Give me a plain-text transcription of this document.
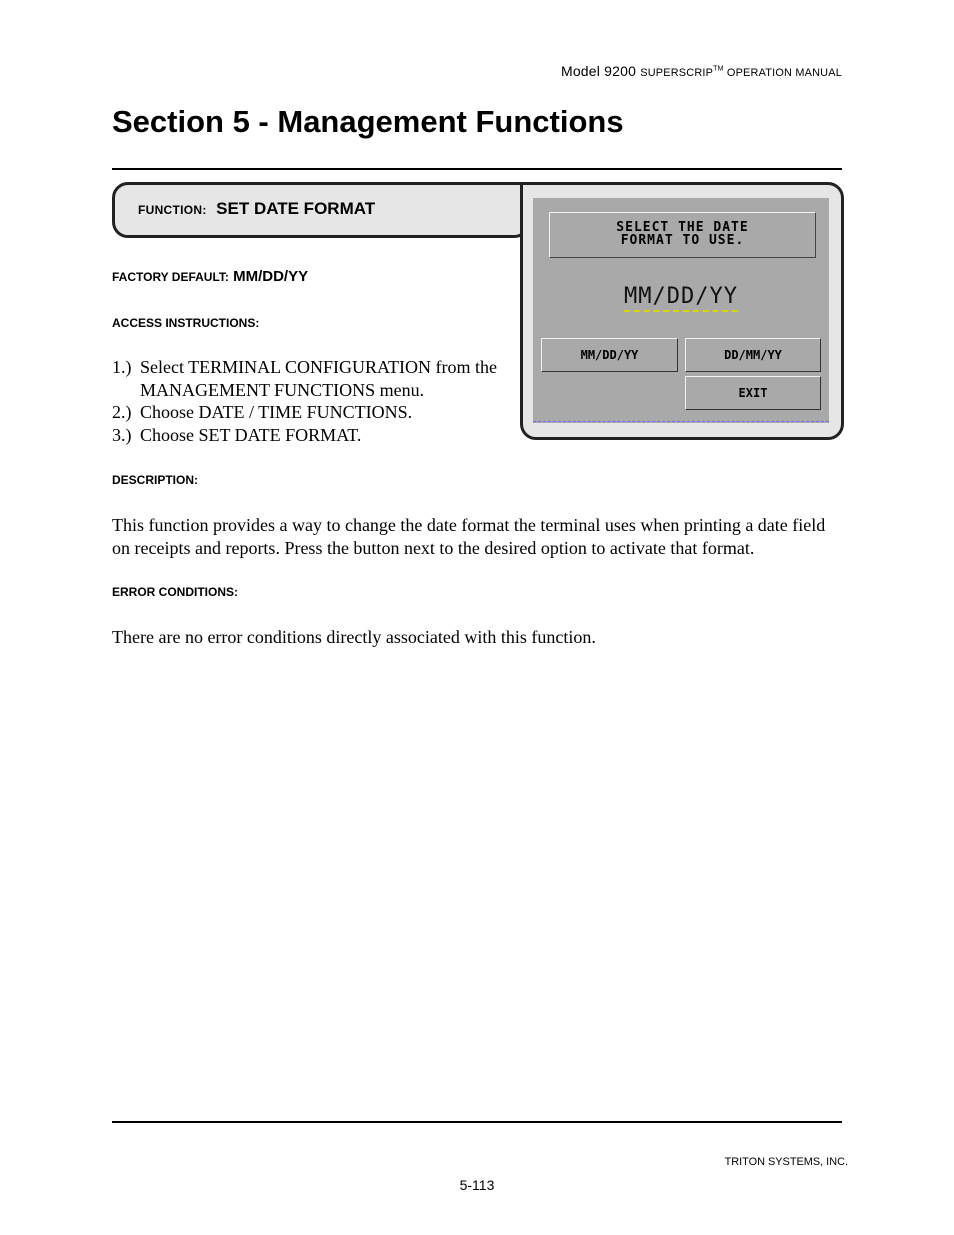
Model 9200 SUPERSCRIP™ OPERATION MANUAL
Section 5 - Management Functions
FUNCTION: SET DATE FORMAT
SELECT THE DATE
FORMAT TO USE.
MM/DD/YY
MM/DD/YY	DD/MM/YY
EXIT
FACTORY DEFAULT: MM/DD/YY
ACCESS INSTRUCTIONS:
1.) Select TERMINAL CONFIGURATION from the
MANAGEMENT FUNCTIONS menu.
2.) Choose DATE / TIME FUNCTIONS.
3.) Choose SET DATE FORMAT.
DESCRIPTION:
This function provides a way to change the date format the terminal uses when printing a date field on receipts and reports. Press the button next to the desired option to activate that format.
ERROR CONDITIONS:
There are no error conditions directly associated with this function.
TRITON SYSTEMS, INC.
5-113
